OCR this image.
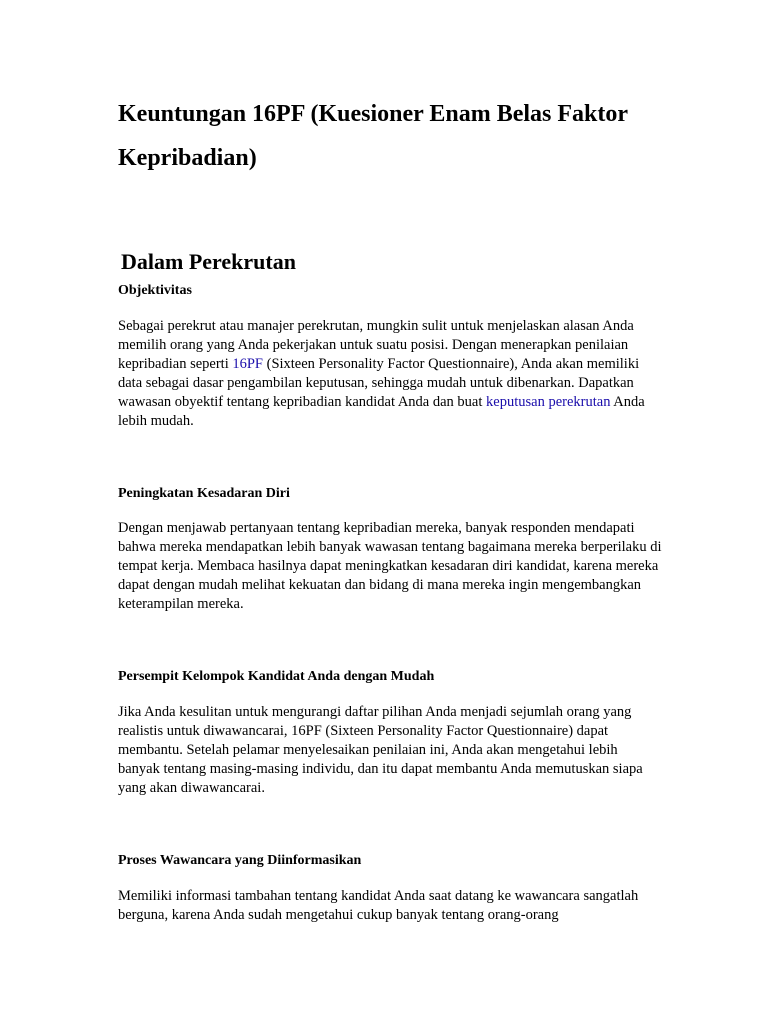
Keuntungan 16PF (Kuesioner Enam Belas Faktor Kepribadian)
Dalam Perekrutan
Objektivitas

Sebagai perekrut atau manajer perekrutan, mungkin sulit untuk menjelaskan alasan Anda memilih orang yang Anda pekerjakan untuk suatu posisi. Dengan menerapkan penilaian kepribadian seperti 16PF (Sixteen Personality Factor Questionnaire), Anda akan memiliki data sebagai dasar pengambilan keputusan, sehingga mudah untuk dibenarkan. Dapatkan wawasan obyektif tentang kepribadian kandidat Anda dan buat keputusan perekrutan Anda lebih mudah.

Peningkatan Kesadaran Diri

Dengan menjawab pertanyaan tentang kepribadian mereka, banyak responden mendapati bahwa mereka mendapatkan lebih banyak wawasan tentang bagaimana mereka berperilaku di tempat kerja. Membaca hasilnya dapat meningkatkan kesadaran diri kandidat, karena mereka dapat dengan mudah melihat kekuatan dan bidang di mana mereka ingin mengembangkan keterampilan mereka.

Persempit Kelompok Kandidat Anda dengan Mudah

Jika Anda kesulitan untuk mengurangi daftar pilihan Anda menjadi sejumlah orang yang realistis untuk diwawancarai, 16PF (Sixteen Personality Factor Questionnaire) dapat membantu. Setelah pelamar menyelesaikan penilaian ini, Anda akan mengetahui lebih banyak tentang masing-masing individu, dan itu dapat membantu Anda memutuskan siapa yang akan diwawancarai.

Proses Wawancara yang Diinformasikan

Memiliki informasi tambahan tentang kandidat Anda saat datang ke wawancara sangatlah berguna, karena Anda sudah mengetahui cukup banyak tentang orang-orang
